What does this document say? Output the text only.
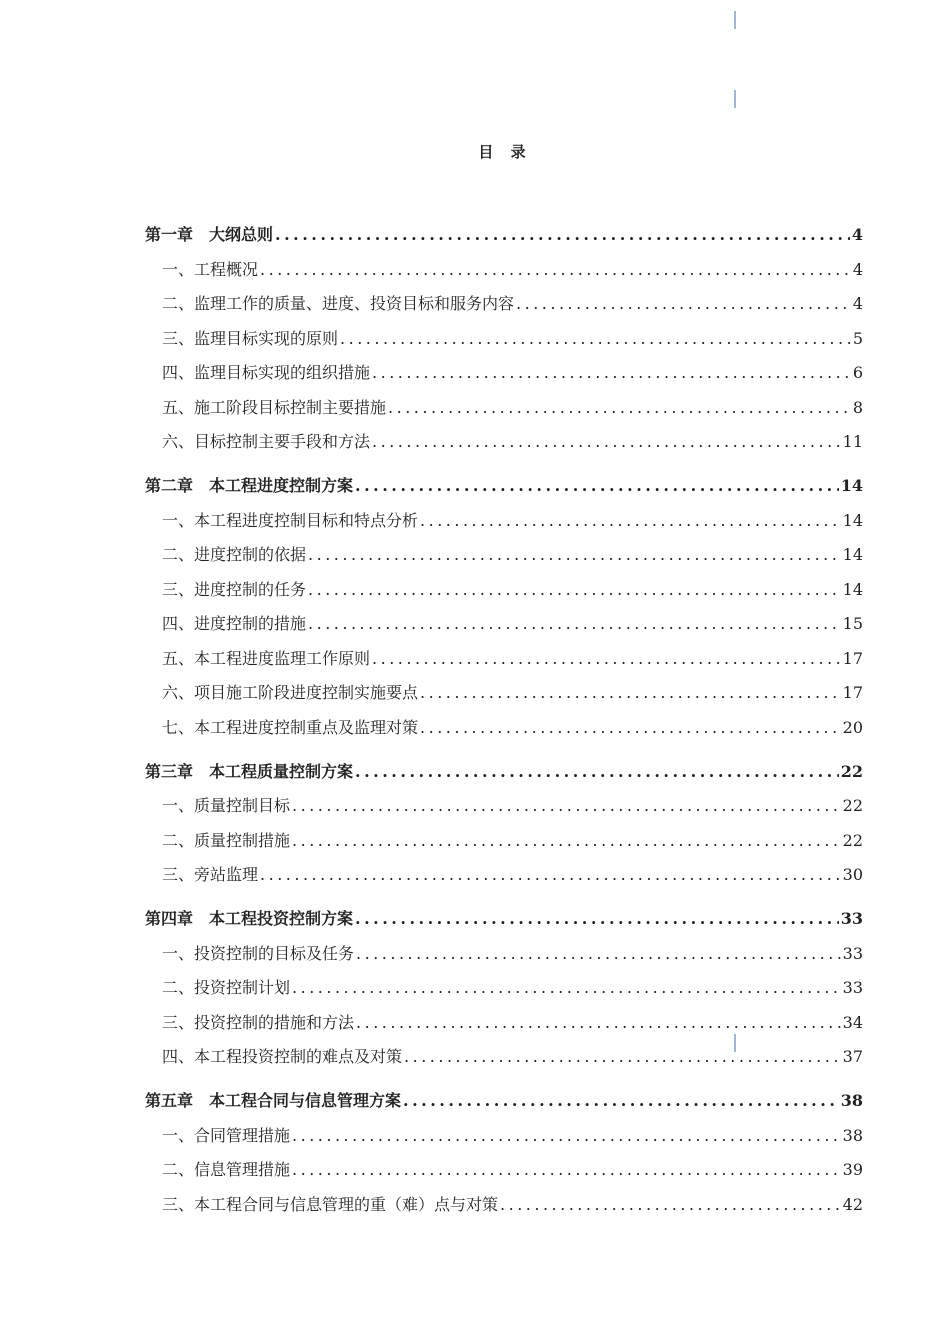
目 录
第一章　大纲总则 .....	4
一、工程概况 .....	4
二、监理工作的质量、进度、投资目标和服务内容 .....	4
三、监理目标实现的原则 .....	5
四、监理目标实现的组织措施 .....	6
五、施工阶段目标控制主要措施 .....	8
六、目标控制主要手段和方法 .....	11
第二章　本工程进度控制方案 .....	14
一、本工程进度控制目标和特点分析 .....	14
二、进度控制的依据 .....	14
三、进度控制的任务 .....	14
四、进度控制的措施 .....	15
五、本工程进度监理工作原则 .....	17
六、项目施工阶段进度控制实施要点 .....	17
七、本工程进度控制重点及监理对策 .....	20
第三章　本工程质量控制方案 .....	22
一、质量控制目标 .....	22
二、质量控制措施 .....	22
三、旁站监理 .....	30
第四章　本工程投资控制方案 .....	33
一、投资控制的目标及任务 .....	33
二、投资控制计划 .....	33
三、投资控制的措施和方法 .....	34
四、本工程投资控制的难点及对策 .....	37
第五章　本工程合同与信息管理方案 .....	38
一、合同管理措施 .....	38
二、信息管理措施 .....	39
三、本工程合同与信息管理的重（难）点与对策 .....	42
